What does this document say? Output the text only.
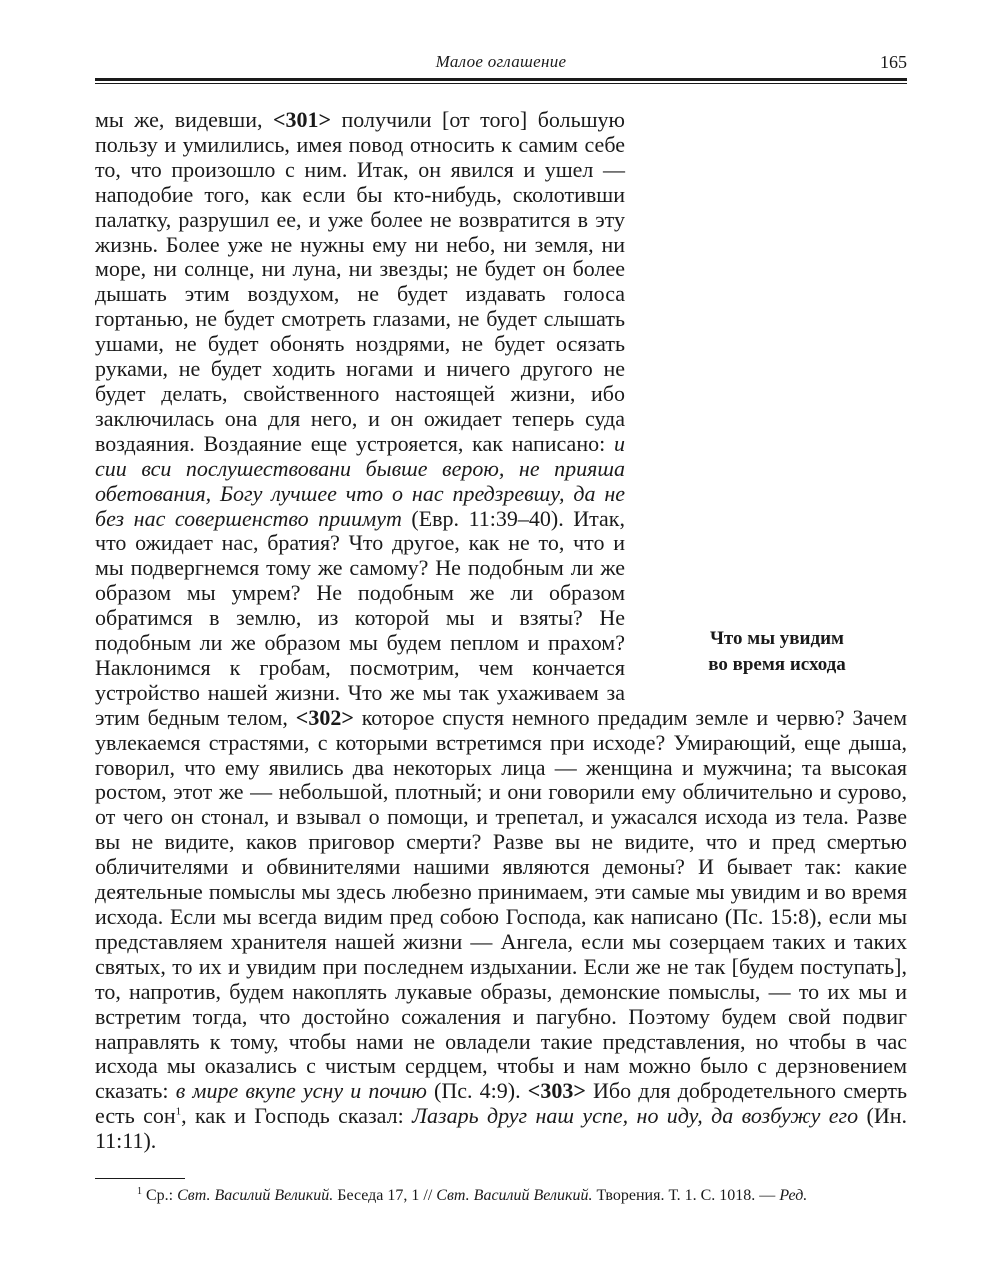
Малое оглашение	165

Что мы увидим
во время исхода
мы же, видевши, <301> получили [от того] большую пользу и умилились, имея повод относить к самим себе то, что произошло с ним. Итак, он явился и ушел — наподобие того, как если бы кто-нибудь, сколотивши палатку, разрушил ее, и уже более не возвратится в эту жизнь. Более уже не нужны ему ни небо, ни земля, ни море, ни солнце, ни луна, ни звезды; не будет он более дышать этим воздухом, не будет издавать голоса гортанью, не будет смотреть глазами, не будет слышать ушами, не будет обонять ноздрями, не будет осязать руками, не будет ходить ногами и ничего другого не будет делать, свойственного настоящей жизни, ибо заключилась она для него, и он ожидает теперь суда воздаяния. Воздаяние еще устрояется, как написано: и сии вси послушествовани бывше верою, не прияша обетования, Богу лучшее что о нас предзревшу, да не без нас совершенство приимут (Евр. 11:39–40). Итак, что ожидает нас, братия? Что другое, как не то, что и мы подвергнемся тому же самому? Не подобным ли же образом мы умрем? Не подобным же ли образом обратимся в землю, из которой мы и взяты? Не подобным ли же образом мы будем пеплом и прахом? Наклонимся к гробам, посмотрим, чем кончается устройство нашей жизни. Что же мы так ухаживаем за этим бедным телом, <302> которое спустя немного предадим земле и червю? Зачем увлекаемся страстями, с которыми встретимся при исходе? Умирающий, еще дыша, говорил, что ему явились два некоторых лица — женщина и мужчина; та высокая ростом, этот же — небольшой, плотный; и они говорили ему обличительно и сурово, от чего он стонал, и взывал о помощи, и трепетал, и ужасался исхода из тела. Разве вы не видите, каков приговор смерти? Разве вы не видите, что и пред смертью обличителями и обвинителями нашими являются демоны? И бывает так: какие деятельные помыслы мы здесь любезно принимаем, эти самые мы увидим и во время исхода. Если мы всегда видим пред собою Господа, как написано (Пс. 15:8), если мы представляем хранителя нашей жизни — Ангела, если мы созерцаем таких и таких святых, то их и увидим при последнем издыхании. Если же не так [будем поступать], то, напротив, будем накоплять лукавые образы, демонские помыслы, — то их мы и встретим тогда, что достойно сожаления и пагубно. Поэтому будем свой подвиг направлять к тому, чтобы нами не овладели такие представления, но чтобы в час исхода мы оказались с чистым сердцем, чтобы и нам можно было с дерзновением сказать: в мире вкупе усну и почию (Пс. 4:9). <303> Ибо для добродетельного смерть есть сон$^1$, как и Господь сказал: Лазарь друг наш успе, но иду, да возбужу его (Ин. 11:11).

$^1$ Ср.: Свт. Василий Великий. Беседа 17, 1 // Свт. Василий Великий. Творения. Т. 1. С. 1018. — Ред.
